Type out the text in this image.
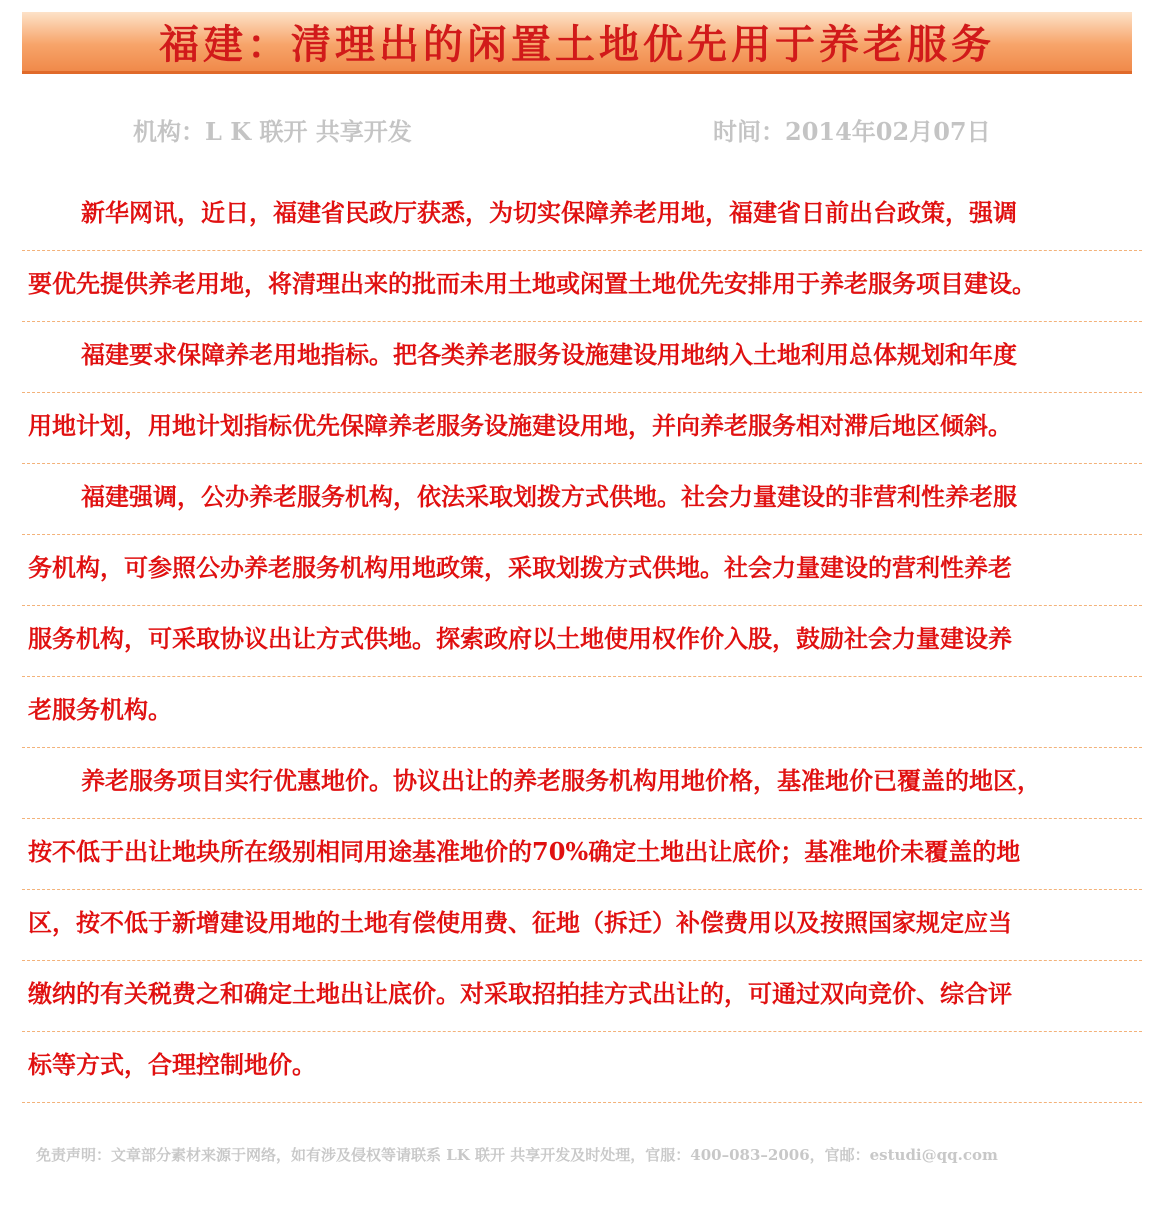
福建：清理出的闲置土地优先用于养老服务
机构：L K 联开 共享开发	时间：2014年02月07日
新华网讯，近日，福建省民政厅获悉，为切实保障养老用地，福建省日前出台政策，强调
要优先提供养老用地，将清理出来的批而未用土地或闲置土地优先安排用于养老服务项目建设。
福建要求保障养老用地指标。把各类养老服务设施建设用地纳入土地利用总体规划和年度
用地计划，用地计划指标优先保障养老服务设施建设用地，并向养老服务相对滞后地区倾斜。
福建强调，公办养老服务机构，依法采取划拨方式供地。社会力量建设的非营利性养老服
务机构，可参照公办养老服务机构用地政策，采取划拨方式供地。社会力量建设的营利性养老
服务机构，可采取协议出让方式供地。探索政府以土地使用权作价入股，鼓励社会力量建设养
老服务机构。
养老服务项目实行优惠地价。协议出让的养老服务机构用地价格，基准地价已覆盖的地区，
按不低于出让地块所在级别相同用途基准地价的70%确定土地出让底价；基准地价未覆盖的地
区，按不低于新增建设用地的土地有偿使用费、征地（拆迁）补偿费用以及按照国家规定应当
缴纳的有关税费之和确定土地出让底价。对采取招拍挂方式出让的，可通过双向竞价、综合评
标等方式，合理控制地价。
免责声明：文章部分素材来源于网络，如有涉及侵权等请联系 LK 联开 共享开发及时处理，官服：400–083–2006，官邮：estudi@qq.com
